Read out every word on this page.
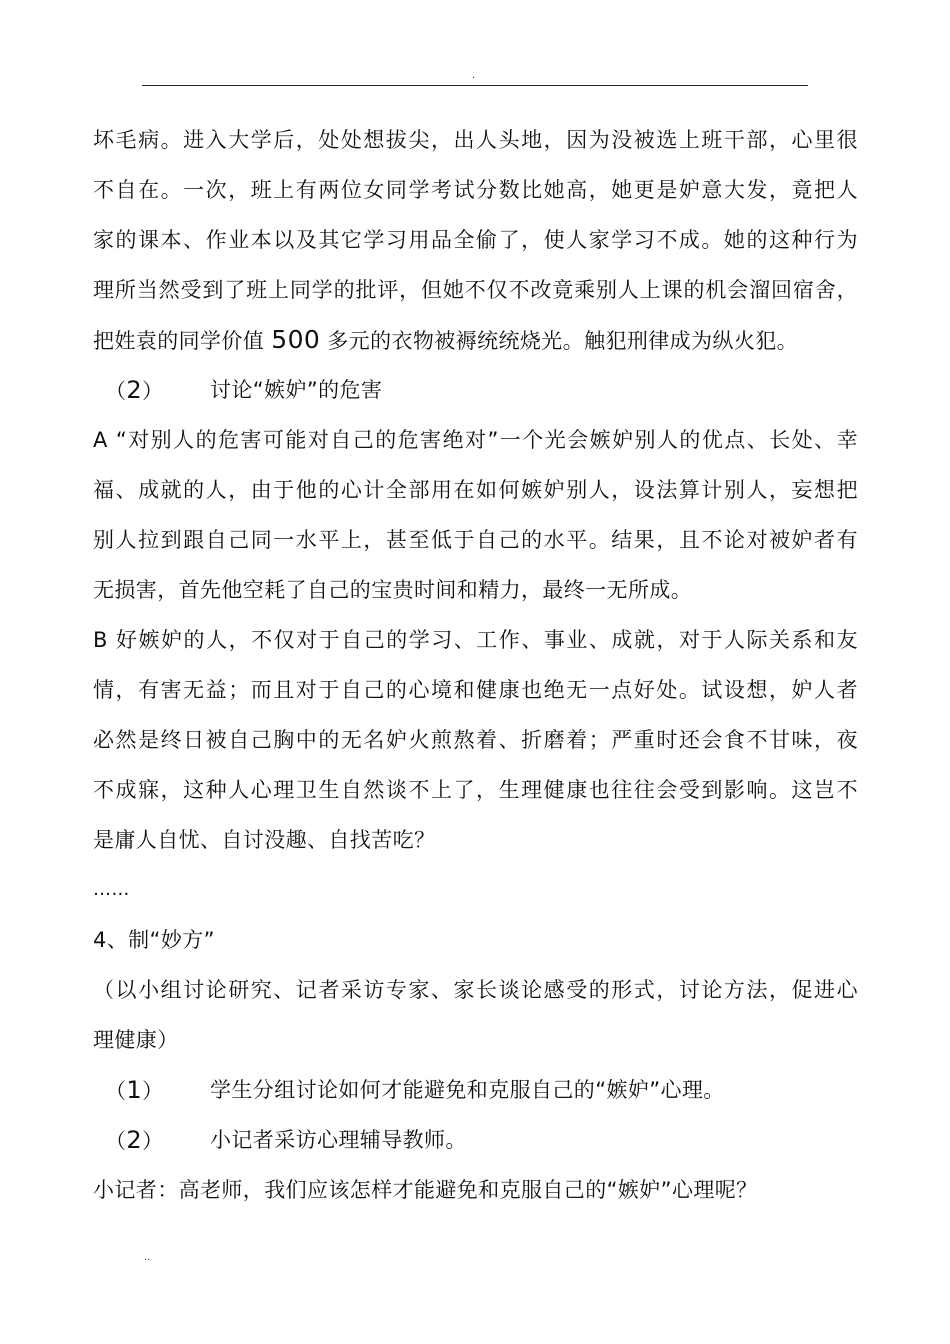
.
坏毛病。进入大学后，处处想拔尖，出人头地，因为没被选上班干部，心里很
不自在。一次，班上有两位女同学考试分数比她高，她更是妒意大发，竟把人
家的课本、作业本以及其它学习用品全偷了，使人家学习不成。她的这种行为
理所当然受到了班上同学的批评，但她不仅不改竟乘别人上课的机会溜回宿舍，
把姓袁的同学价值 500 多元的衣物被褥统统烧光。触犯刑律成为纵火犯。
（2）	讨论“嫉妒”的危害
A “对别人的危害可能对自己的危害绝对”一个光会嫉妒别人的优点、长处、幸
福、成就的人，由于他的心计全部用在如何嫉妒别人，设法算计别人，妄想把
别人拉到跟自己同一水平上，甚至低于自己的水平。结果，且不论对被妒者有
无损害，首先他空耗了自己的宝贵时间和精力，最终一无所成。
B 好嫉妒的人，不仅对于自己的学习、工作、事业、成就，对于人际关系和友
情，有害无益；而且对于自己的心境和健康也绝无一点好处。试设想，妒人者
必然是终日被自己胸中的无名妒火煎熬着、折磨着；严重时还会食不甘味，夜
不成寐，这种人心理卫生自然谈不上了，生理健康也往往会受到影响。这岂不
是庸人自忧、自讨没趣、自找苦吃？
……
4、制“妙方”
（以小组讨论研究、记者采访专家、家长谈论感受的形式，讨论方法，促进心
理健康）
（1）	学生分组讨论如何才能避免和克服自己的“嫉妒”心理。
（2）	小记者采访心理辅导教师。
小记者：高老师，我们应该怎样才能避免和克服自己的“嫉妒”心理呢？
..
